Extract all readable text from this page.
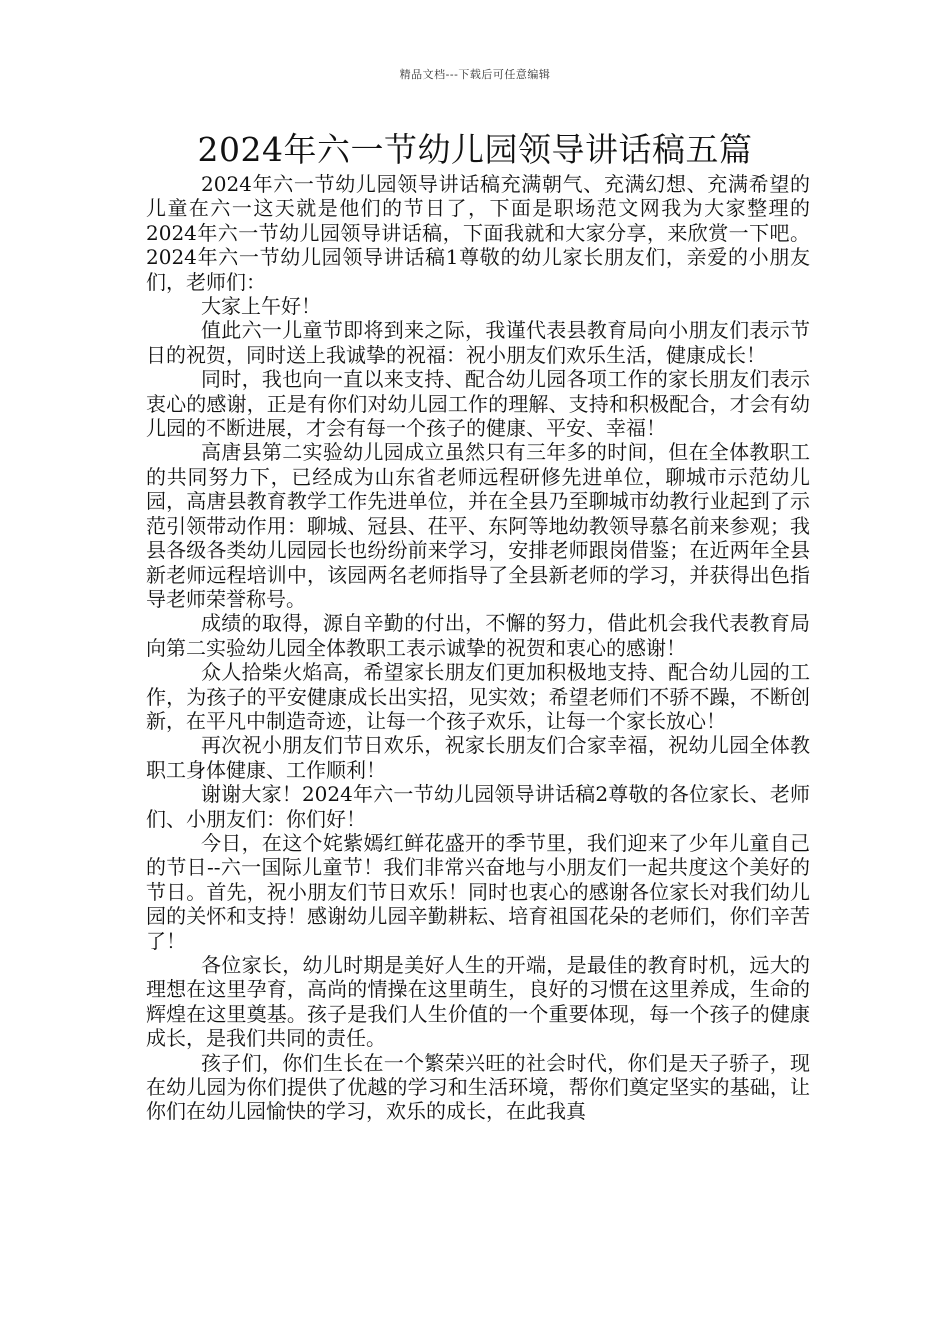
精品文档---下载后可任意编辑
2024年六一节幼儿园领导讲话稿五篇

2024年六一节幼儿园领导讲话稿充满朝气、充满幻想、充满希望的儿童在六一这天就是他们的节日了，下面是职场范文网我为大家整理的2024年六一节幼儿园领导讲话稿，下面我就和大家分享，来欣赏一下吧。2024年六一节幼儿园领导讲话稿1尊敬的幼儿家长朋友们，亲爱的小朋友们，老师们：

大家上午好！

值此六一儿童节即将到来之际，我谨代表县教育局向小朋友们表示节日的祝贺，同时送上我诚挚的祝福：祝小朋友们欢乐生活，健康成长！

同时，我也向一直以来支持、配合幼儿园各项工作的家长朋友们表示衷心的感谢，正是有你们对幼儿园工作的理解、支持和积极配合，才会有幼儿园的不断进展，才会有每一个孩子的健康、平安、幸福！

高唐县第二实验幼儿园成立虽然只有三年多的时间，但在全体教职工的共同努力下，已经成为山东省老师远程研修先进单位，聊城市示范幼儿园，高唐县教育教学工作先进单位，并在全县乃至聊城市幼教行业起到了示范引领带动作用：聊城、冠县、茌平、东阿等地幼教领导慕名前来参观；我县各级各类幼儿园园长也纷纷前来学习，安排老师跟岗借鉴；在近两年全县新老师远程培训中，该园两名老师指导了全县新老师的学习，并获得出色指导老师荣誉称号。

成绩的取得，源自辛勤的付出，不懈的努力，借此机会我代表教育局向第二实验幼儿园全体教职工表示诚挚的祝贺和衷心的感谢！

众人拾柴火焰高，希望家长朋友们更加积极地支持、配合幼儿园的工作，为孩子的平安健康成长出实招，见实效；希望老师们不骄不躁，不断创新，在平凡中制造奇迹，让每一个孩子欢乐，让每一个家长放心！

再次祝小朋友们节日欢乐，祝家长朋友们合家幸福，祝幼儿园全体教职工身体健康、工作顺利！

谢谢大家！2024年六一节幼儿园领导讲话稿2尊敬的各位家长、老师们、小朋友们：你们好！

今日，在这个姹紫嫣红鲜花盛开的季节里，我们迎来了少年儿童自己的节日--六一国际儿童节！我们非常兴奋地与小朋友们一起共度这个美好的节日。首先，祝小朋友们节日欢乐！同时也衷心的感谢各位家长对我们幼儿园的关怀和支持！感谢幼儿园辛勤耕耘、培育祖国花朵的老师们，你们辛苦了！

各位家长，幼儿时期是美好人生的开端，是最佳的教育时机，远大的理想在这里孕育，高尚的情操在这里萌生，良好的习惯在这里养成，生命的辉煌在这里奠基。孩子是我们人生价值的一个重要体现，每一个孩子的健康成长，是我们共同的责任。

孩子们，你们生长在一个繁荣兴旺的社会时代，你们是天子骄子，现在幼儿园为你们提供了优越的学习和生活环境，帮你们奠定坚实的基础，让你们在幼儿园愉快的学习，欢乐的成长，在此我真
